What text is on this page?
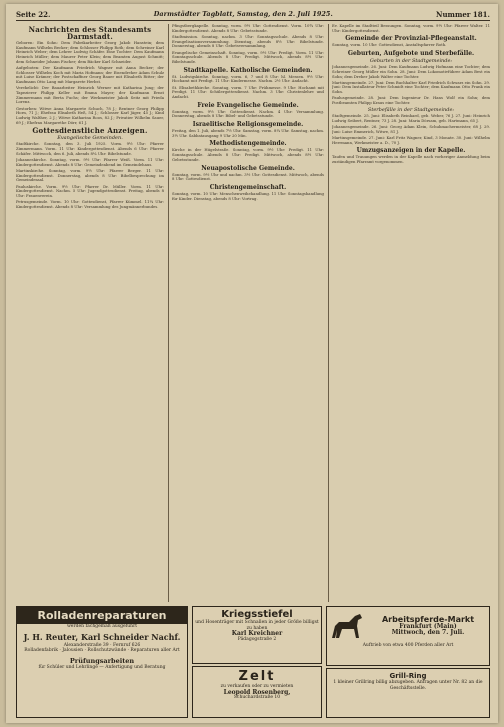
Seite 22.	Darmstädter Tagblatt, Samstag, den 2. Juli 1925.	Nummer 181.
Nachrichten des Standesamts Darmstadt.

Geboren: Ein Sohn: Dem Fabrikarbeiter Georg Jakob Hanstein; dem Kaufmann Wilhelm Becker; dem Schlosser Philipp Roth; dem Schreiner Karl Heinrich Weber; dem Lehrer Ludwig Schäfer. Eine Tochter: Dem Kaufmann Heinrich Müller; dem Maurer Peter Klein; dem Beamten August Schmitt; dem Schneider Johann Fischer; dem Bäcker Karl Schneider.

Aufgeboten: Der Kaufmann Friedrich Wagner mit Anna Becker; der Schlosser Wilhelm Koch mit Maria Hofmann; der Eisendreher Adam Schulz mit Luise Krämer; der Postschaffner Georg Bauer mit Elisabeth Ritter; der Kaufmann Otto Lang mit Margarete Herbst.

Verehelicht: Der Bauarbeiter Heinrich Werner mit Katharina Jung; der Tapezierer Philipp Keller mit Emma Mayer; der Kaufmann Ernst Zimmermann mit Berta Fuchs; der Werkmeister Jakob Seitz mit Frieda Lorenz.

Gestorben: Witwe Anna Margarete Schuch, 78 J.; Rentner Georg Philipp Horn, 71 J.; Ehefrau Elisabeth Heß, 54 J.; Schlosser Karl Jäger, 45 J.; Kind Ludwig Walther, 2 J.; Witwe Katharina Roos, 82 J.; Privatier Wilhelm Sauer, 69 J.; Ehefrau Margarethe Dörr, 61 J.

Gottesdienstliche Anzeigen.
Evangelische Gemeinden.

Stadtkirche. Sonntag, den 3. Juli 1925. Vorm. 9½ Uhr: Pfarrer Zimmermann. Vorm. 11 Uhr: Kindergottesdienst. Abends 6 Uhr: Pfarrer Schäfer. Mittwoch, den 6. Juli, abends 8¼ Uhr: Bibelstunde.

Johanneskirche. Sonntag, vorm. 9½ Uhr: Pfarrer Weiß. Vorm. 11 Uhr: Kindergottesdienst. Abends 8 Uhr: Gemeindeabend im Gemeindehaus.

Martinskirche. Sonntag, vorm. 9½ Uhr: Pfarrer Berger. 11 Uhr: Kindergottesdienst. Donnerstag, abends 8 Uhr: Bibelbesprechung im Gemeindesaal.

Pauluskirche. Vorm. 9½ Uhr: Pfarrer Dr. Müller. Vorm. 11 Uhr: Kindergottesdienst. Nachm. 5 Uhr: Jugendgottesdienst. Freitag, abends 8 Uhr: Frauenverein.

Petrusgemeinde. Vorm. 10 Uhr: Gottesdienst, Pfarrer Kümmel. 11¼ Uhr: Kindergottesdienst. Abends 8 Uhr: Versammlung des Jungmännerbundes.

Pfingstbergkapelle. Sonntag, vorm. 9½ Uhr: Gottesdienst. Vorm. 10¾ Uhr: Kindergottesdienst. Abends 8 Uhr: Gebetsstunde.

Stadtmission. Sonntag, nachm. 3 Uhr: Sonntagsschule. Abends 8 Uhr: Evangelisationsversammlung. Dienstag, abends 8½ Uhr: Bibelstunde. Donnerstag, abends 8 Uhr: Gebetsversammlung.

Evangelische Gemeinschaft. Sonntag, vorm. 9½ Uhr: Predigt. Vorm. 11 Uhr: Sonntagsschule. Abends 8 Uhr: Predigt. Mittwoch, abends 8½ Uhr: Bibelstunde.

Stadtkapelle. Katholische Gemeinden.

St. Ludwigskirche. Sonntag, vorm. 6, 7 und 8 Uhr: hl. Messen. 9½ Uhr: Hochamt mit Predigt. 11 Uhr: Kindermesse. Nachm. 2½ Uhr: Andacht.

St. Elisabethkirche. Sonntag, vorm. 7 Uhr: Frühmesse. 9 Uhr: Hochamt mit Predigt. 11 Uhr: Schülergottesdienst. Nachm. 3 Uhr: Christenlehre und Andacht.

Freie Evangelische Gemeinde.

Sonntag, vorm. 9½ Uhr: Gottesdienst. Nachm. 4 Uhr: Versammlung. Donnerstag, abends 8 Uhr: Bibel- und Gebetsstunde.

Israelitische Religionsgemeinde.

Freitag, den 1. Juli, abends 7½ Uhr. Samstag, vorm. 8¼ Uhr. Samstag, nachm. 3½ Uhr. Sabbatausgang 9 Uhr 20 Min.

Methodistengemeinde.

Kirche in der Hügelstraße. Sonntag, vorm. 9½ Uhr: Predigt. 11 Uhr: Sonntagsschule. Abends 8 Uhr: Predigt. Mittwoch, abends 8½ Uhr: Gebetsstunde.

Neuapostolische Gemeinde.

Sonntag, vorm. 9½ Uhr und nachm. 3½ Uhr: Gottesdienst. Mittwoch, abends 8 Uhr: Gottesdienst.

Christengemeinschaft.

Sonntag, vorm. 10 Uhr: Menschenweihehandlung. 11 Uhr: Sonntagshandlung für Kinder. Dienstag, abends 8 Uhr: Vortrag.

Ev. Kapelle im Stadtteil Bessungen. Sonntag, vorm. 9½ Uhr: Pfarrer Walter. 11 Uhr: Kindergottesdienst.

Gemeinde der Provinzial-Pflegeanstalt.

Sonntag, vorm. 10 Uhr: Gottesdienst, Anstaltspfarrer Roth.

Geburten, Aufgebote und Sterbefälle.
Geburten in der Stadtgemeinde:

Johannesgemeinde. 26. Juni: Dem Kaufmann Ludwig Hofmann eine Tochter; dem Schreiner Georg Müller ein Sohn. 28. Juni: Dem Lokomotivführer Adam Best ein Sohn; dem Dreher Jakob Walter eine Tochter.

Martinsgemeinde. 27. Juni: Dem Buchhalter Karl Friedrich Schwarz ein Sohn. 29. Juni: Dem Installateur Peter Schmidt eine Tochter; dem Kaufmann Otto Frank ein Sohn.

Paulusgemeinde. 28. Juni: Dem Ingenieur Dr. Hans Wolf ein Sohn; dem Postbeamten Philipp Kraus eine Tochter.

Sterbefälle in der Stadtgemeinde:

Stadtgemeinde. 25. Juni: Elisabeth Reinhard, geb. Weber, 76 J. 27. Juni: Heinrich Ludwig Seibert, Rentner, 73 J. 28. Juni: Maria Dörsam, geb. Hartmann, 65 J.

Johannesgemeinde. 26. Juni: Georg Adam Klein, Schuhmachermeister, 68 J. 29. Juni: Luise Emmerich, Witwe, 81 J.

Martinsgemeinde. 27. Juni: Karl Fritz Wagner, Kind, 3 Monate. 30. Juni: Wilhelm Herrmann, Werkmeister a. D., 70 J.

Umzugsanzeigen in der Kapelle.

Taufen und Trauungen werden in der Kapelle nach vorheriger Anmeldung beim zuständigen Pfarramt vorgenommen.

Rolladenreparaturen
werden fachgemäß ausgeführt
J. H. Reuter, Karl Schneider Nachf.
Alexanderstraße 39 · Fernruf 626
Rolladenfabrik · Jalousien · Rollschutzwände · Reparaturen aller Art
Prüfungsarbeiten
für Schüler und Lehrlinge — Anfertigung und Beratung
Kriegsstiefel
und Hosenträger mit Schnallen in jeder Größe billigst zu haben
Karl Kreichner
Pädagogstraße 2
Arbeitspferde-Markt
Frankfurt (Main)
Mittwoch, den 7. Juli.
Auftrieb von etwa 400 Pferden aller Art
Zelt
zu verkaufen oder zu vermieten
Leopold Rosenberg,
Schuchardstraße 10
Grill-Ring
1 kleiner Grillring billig abzugeben. Anfragen unter Nr. 82 an die Geschäftsstelle.
